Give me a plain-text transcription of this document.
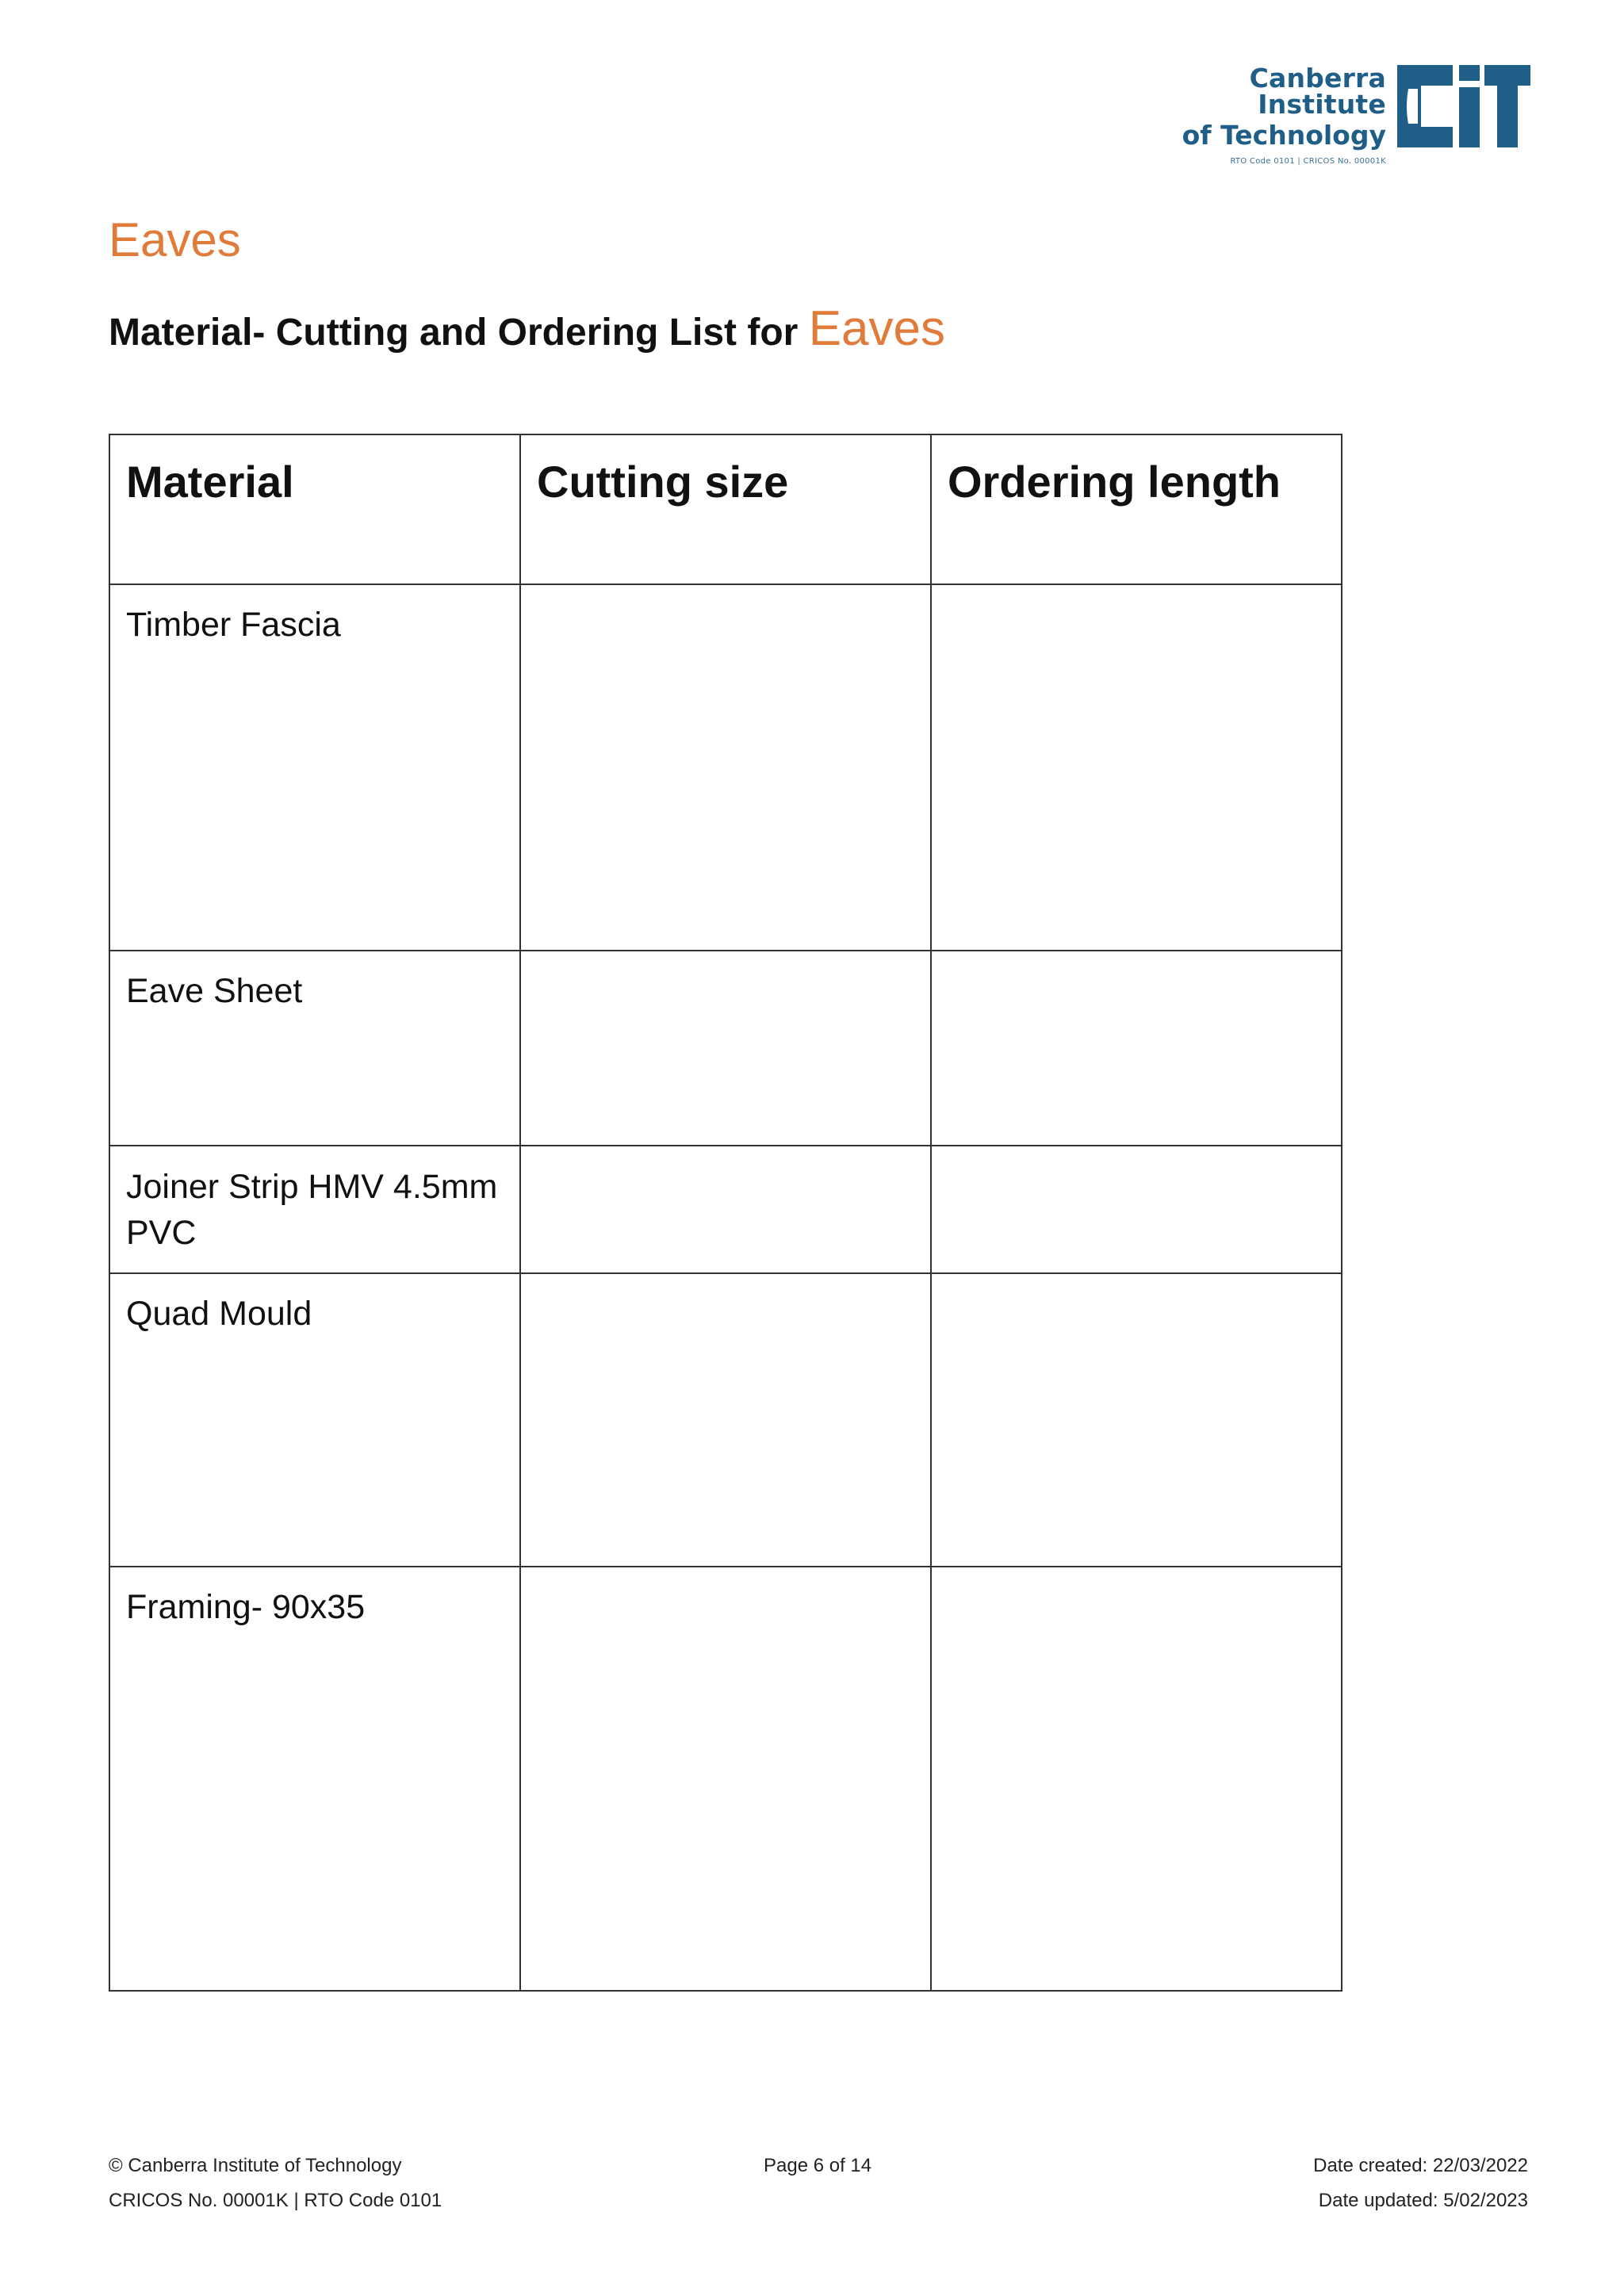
Canberra Institute
of Technology
RTO Code 0101 | CRICOS No. 00001K
Eaves
Material- Cutting and Ordering List for Eaves
Material	Cutting size	Ordering length
Timber Fascia		
Eave Sheet		
Joiner Strip HMV 4.5mm PVC		
Quad Mould		
Framing- 90x35		
© Canberra Institute of Technology
CRICOS No. 00001K | RTO Code 0101
Page 6 of 14	Date created: 22/03/2022
Date updated: 5/02/2023
